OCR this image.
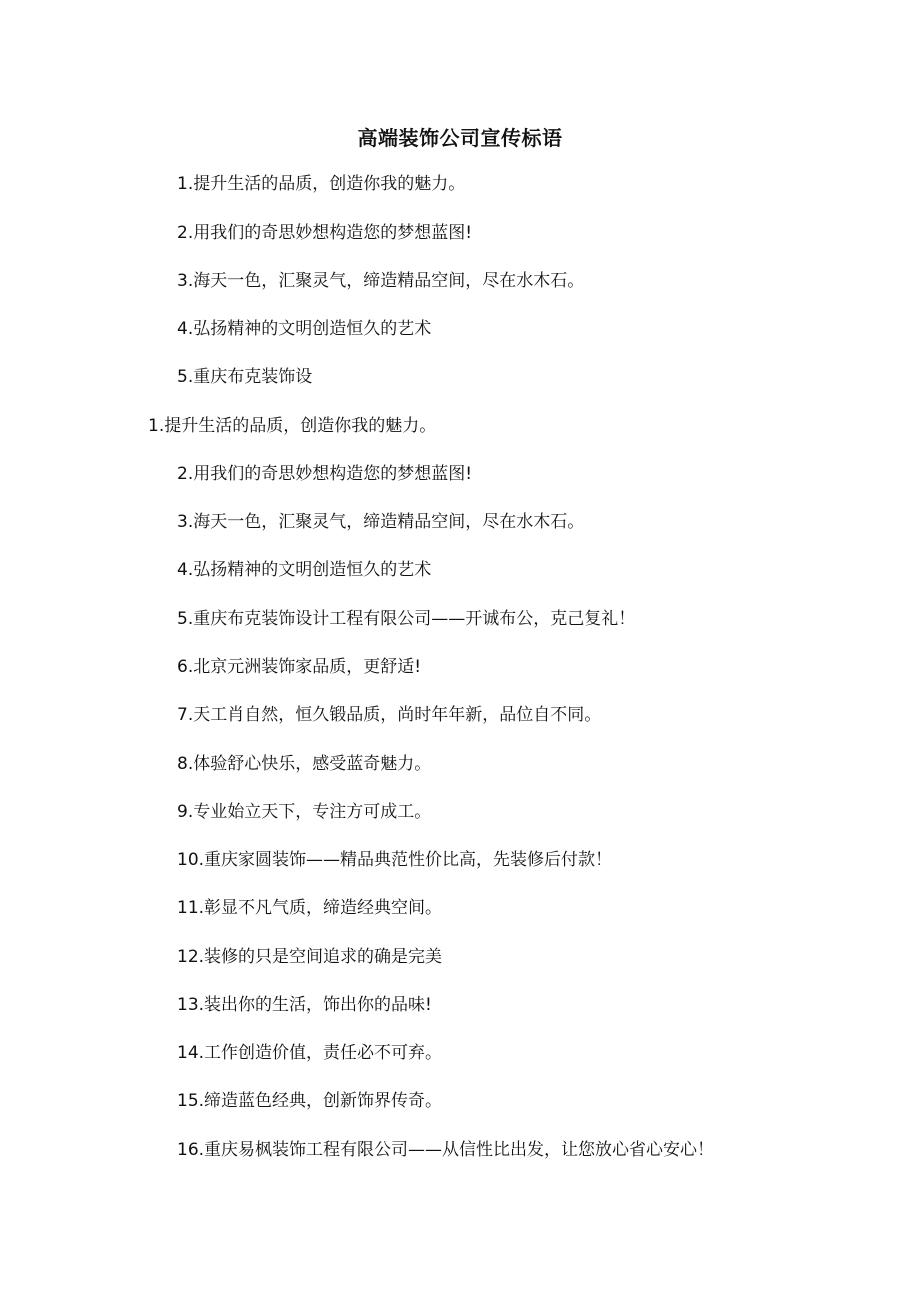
高端装饰公司宣传标语
1.提升生活的品质，创造你我的魅力。
2.用我们的奇思妙想构造您的梦想蓝图!
3.海天一色，汇聚灵气，缔造精品空间，尽在水木石。
4.弘扬精神的文明创造恒久的艺术
5.重庆布克装饰设
1.提升生活的品质，创造你我的魅力。
2.用我们的奇思妙想构造您的梦想蓝图!
3.海天一色，汇聚灵气，缔造精品空间，尽在水木石。
4.弘扬精神的文明创造恒久的艺术
5.重庆布克装饰设计工程有限公司——开诚布公，克己复礼！
6.北京元洲装饰家品质，更舒适!
7.天工肖自然，恒久锻品质，尚时年年新，品位自不同。
8.体验舒心快乐，感受蓝奇魅力。
9.专业始立天下，专注方可成工。
10.重庆家圆装饰——精品典范性价比高，先装修后付款！
11.彰显不凡气质，缔造经典空间。
12.装修的只是空间追求的确是完美
13.装出你的生活，饰出你的品味!
14.工作创造价值，责任必不可弃。
15.缔造蓝色经典，创新饰界传奇。
16.重庆易枫装饰工程有限公司——从信性比出发，让您放心省心安心！
